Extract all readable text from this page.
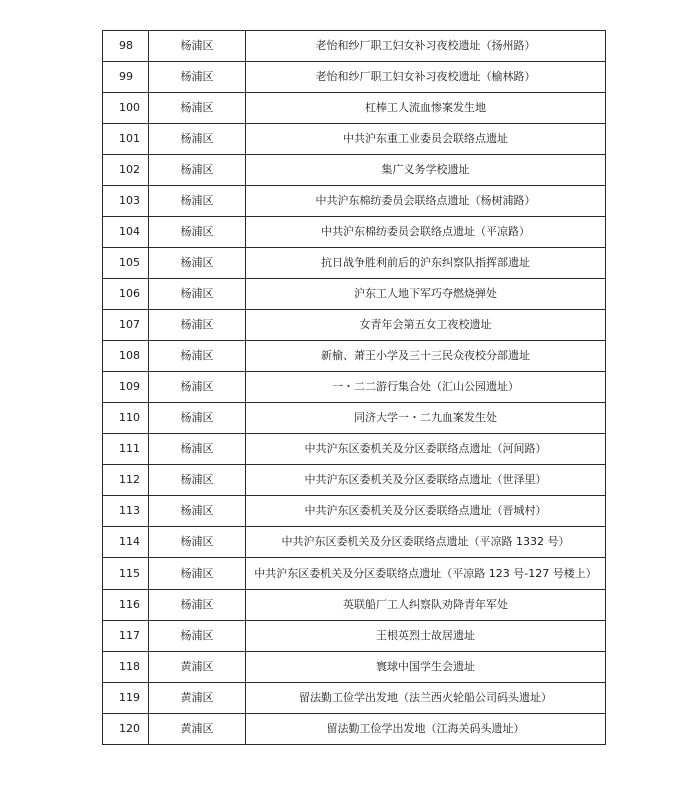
98	杨浦区	老怡和纱厂职工妇女补习夜校遗址（扬州路）
99	杨浦区	老怡和纱厂职工妇女补习夜校遗址（榆林路）
100	杨浦区	杠棒工人流血惨案发生地
101	杨浦区	中共沪东重工业委员会联络点遗址
102	杨浦区	集广义务学校遗址
103	杨浦区	中共沪东棉纺委员会联络点遗址（杨树浦路）
104	杨浦区	中共沪东棉纺委员会联络点遗址（平凉路）
105	杨浦区	抗日战争胜利前后的沪东纠察队指挥部遗址
106	杨浦区	沪东工人地下军巧夺燃烧弹处
107	杨浦区	女青年会第五女工夜校遗址
108	杨浦区	新榆、萧王小学及三十三民众夜校分部遗址
109	杨浦区	一・二二游行集合处（汇山公园遗址）
110	杨浦区	同济大学一・二九血案发生处
111	杨浦区	中共沪东区委机关及分区委联络点遗址（河间路）
112	杨浦区	中共沪东区委机关及分区委联络点遗址（世泽里）
113	杨浦区	中共沪东区委机关及分区委联络点遗址（晋城村）
114	杨浦区	中共沪东区委机关及分区委联络点遗址（平凉路 1332 号）
115	杨浦区	中共沪东区委机关及分区委联络点遗址（平凉路 123 号-127 号楼上）
116	杨浦区	英联船厂工人纠察队劝降青年军处
117	杨浦区	王根英烈士故居遗址
118	黄浦区	寰球中国学生会遗址
119	黄浦区	留法勤工俭学出发地（法兰西火轮船公司码头遗址）
120	黄浦区	留法勤工俭学出发地（江海关码头遗址）
